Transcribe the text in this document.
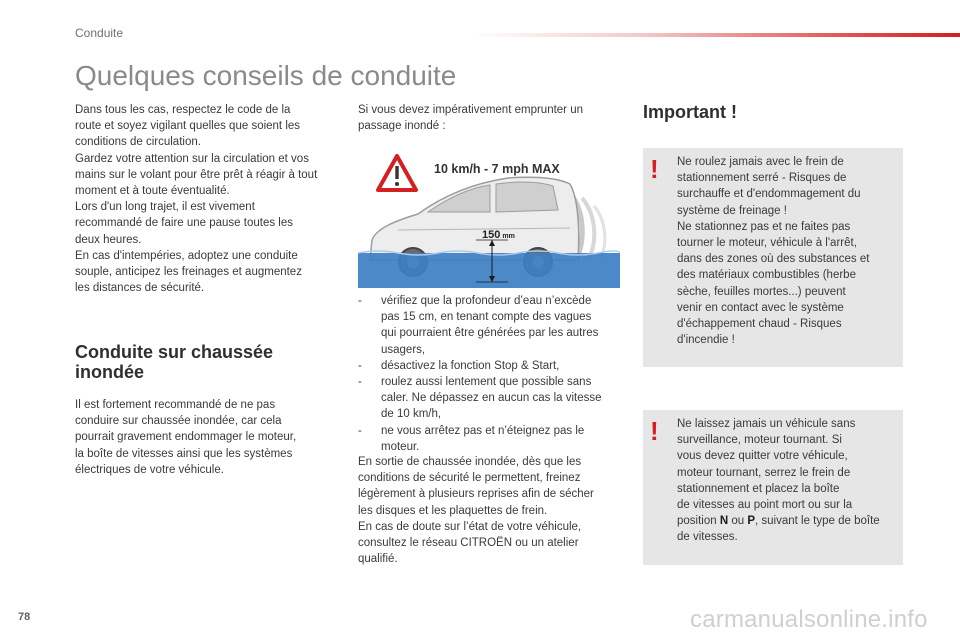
Conduite
Quelques conseils de conduite

Dans tous les cas, respectez le code de la
route et soyez vigilant quelles que soient les
conditions de circulation.
Gardez votre attention sur la circulation et vos
mains sur le volant pour être prêt à réagir à tout
moment et à toute éventualité.
Lors d'un long trajet, il est vivement
recommandé de faire une pause toutes les
deux heures.
En cas d'intempéries, adoptez une conduite
souple, anticipez les freinages et augmentez
les distances de sécurité.

Conduite sur chaussée
inondée

Il est fortement recommandé de ne pas
conduire sur chaussée inondée, car cela
pourrait gravement endommager le moteur,
la boîte de vitesses ainsi que les systèmes
électriques de votre véhicule.

Si vous devez impérativement emprunter un
passage inondé :

10 km/h - 7 mph MAX
150 mm
- vérifiez que la profondeur d’eau n’excède
pas 15 cm, en tenant compte des vagues
qui pourraient être générées par les autres
usagers,
- désactivez la fonction Stop & Start,
- roulez aussi lentement que possible sans
caler. Ne dépassez en aucun cas la vitesse
de 10 km/h,
- ne vous arrêtez pas et n’éteignez pas le
moteur.

En sortie de chaussée inondée, dès que les
conditions de sécurité le permettent, freinez
légèrement à plusieurs reprises afin de sécher
les disques et les plaquettes de frein.
En cas de doute sur l’état de votre véhicule,
consultez le réseau CITROËN ou un atelier
qualifié.

Important !
! Ne roulez jamais avec le frein de
stationnement serré - Risques de
surchauffe et d'endommagement du
système de freinage !
Ne stationnez pas et ne faites pas
tourner le moteur, véhicule à l'arrêt,
dans des zones où des substances et
des matériaux combustibles (herbe
sèche, feuilles mortes...) peuvent
venir en contact avec le système
d'échappement chaud - Risques
d'incendie !

! Ne laissez jamais un véhicule sans
surveillance, moteur tournant. Si
vous devez quitter votre véhicule,
moteur tournant, serrez le frein de
stationnement et placez la boîte
de vitesses au point mort ou sur la
position N ou P, suivant le type de boîte
de vitesses.

78	carmanualsonline.info
